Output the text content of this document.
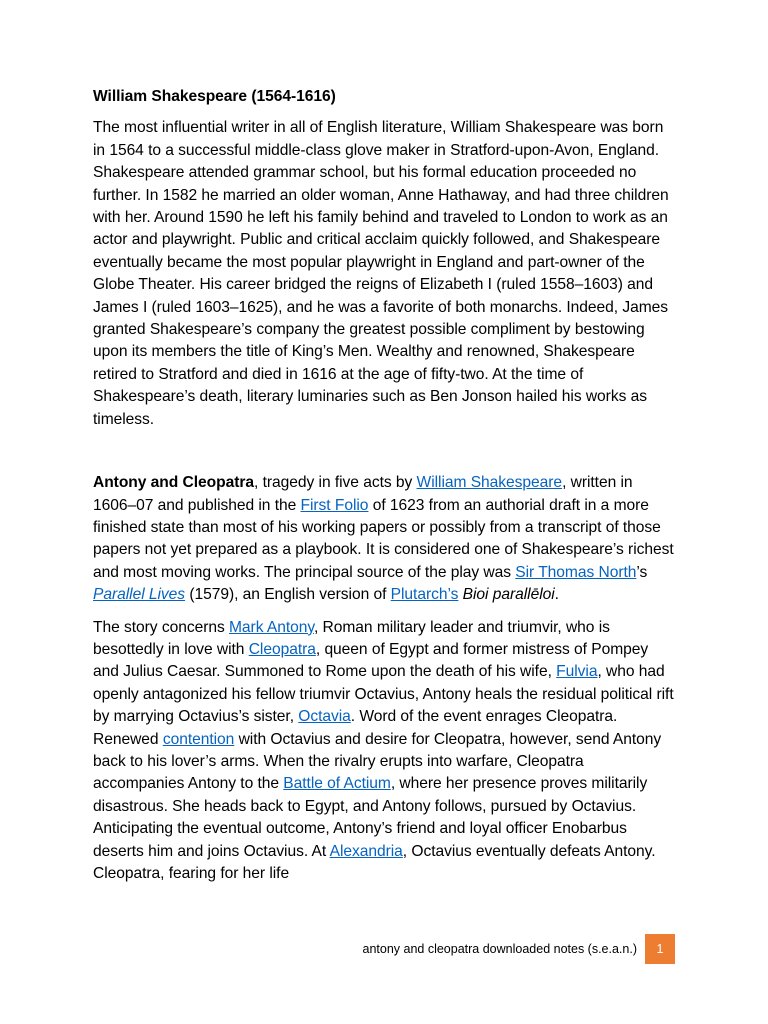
William Shakespeare (1564-1616)

The most influential writer in all of English literature, William Shakespeare was born in 1564 to a successful middle-class glove maker in Stratford-upon-Avon, England. Shakespeare attended grammar school, but his formal education proceeded no further. In 1582 he married an older woman, Anne Hathaway, and had three children with her. Around 1590 he left his family behind and traveled to London to work as an actor and playwright. Public and critical acclaim quickly followed, and Shakespeare eventually became the most popular playwright in England and part-owner of the Globe Theater. His career bridged the reigns of Elizabeth I (ruled 1558–1603) and James I (ruled 1603–1625), and he was a favorite of both monarchs. Indeed, James granted Shakespeare’s company the greatest possible compliment by bestowing upon its members the title of King’s Men. Wealthy and renowned, Shakespeare retired to Stratford and died in 1616 at the age of fifty-two. At the time of Shakespeare’s death, literary luminaries such as Ben Jonson hailed his works as timeless.

Antony and Cleopatra, tragedy in five acts by William Shakespeare, written in 1606–07 and published in the First Folio of 1623 from an authorial draft in a more finished state than most of his working papers or possibly from a transcript of those papers not yet prepared as a playbook. It is considered one of Shakespeare’s richest and most moving works. The principal source of the play was Sir Thomas North’s Parallel Lives (1579), an English version of Plutarch’s Bioi parallēloi.

The story concerns Mark Antony, Roman military leader and triumvir, who is besottedly in love with Cleopatra, queen of Egypt and former mistress of Pompey and Julius Caesar. Summoned to Rome upon the death of his wife, Fulvia, who had openly antagonized his fellow triumvir Octavius, Antony heals the residual political rift by marrying Octavius’s sister, Octavia. Word of the event enrages Cleopatra. Renewed contention with Octavius and desire for Cleopatra, however, send Antony back to his lover’s arms. When the rivalry erupts into warfare, Cleopatra accompanies Antony to the Battle of Actium, where her presence proves militarily disastrous. She heads back to Egypt, and Antony follows, pursued by Octavius. Anticipating the eventual outcome, Antony’s friend and loyal officer Enobarbus deserts him and joins Octavius. At Alexandria, Octavius eventually defeats Antony. Cleopatra, fearing for her life

antony and cleopatra downloaded notes (s.e.a.n.)	1
